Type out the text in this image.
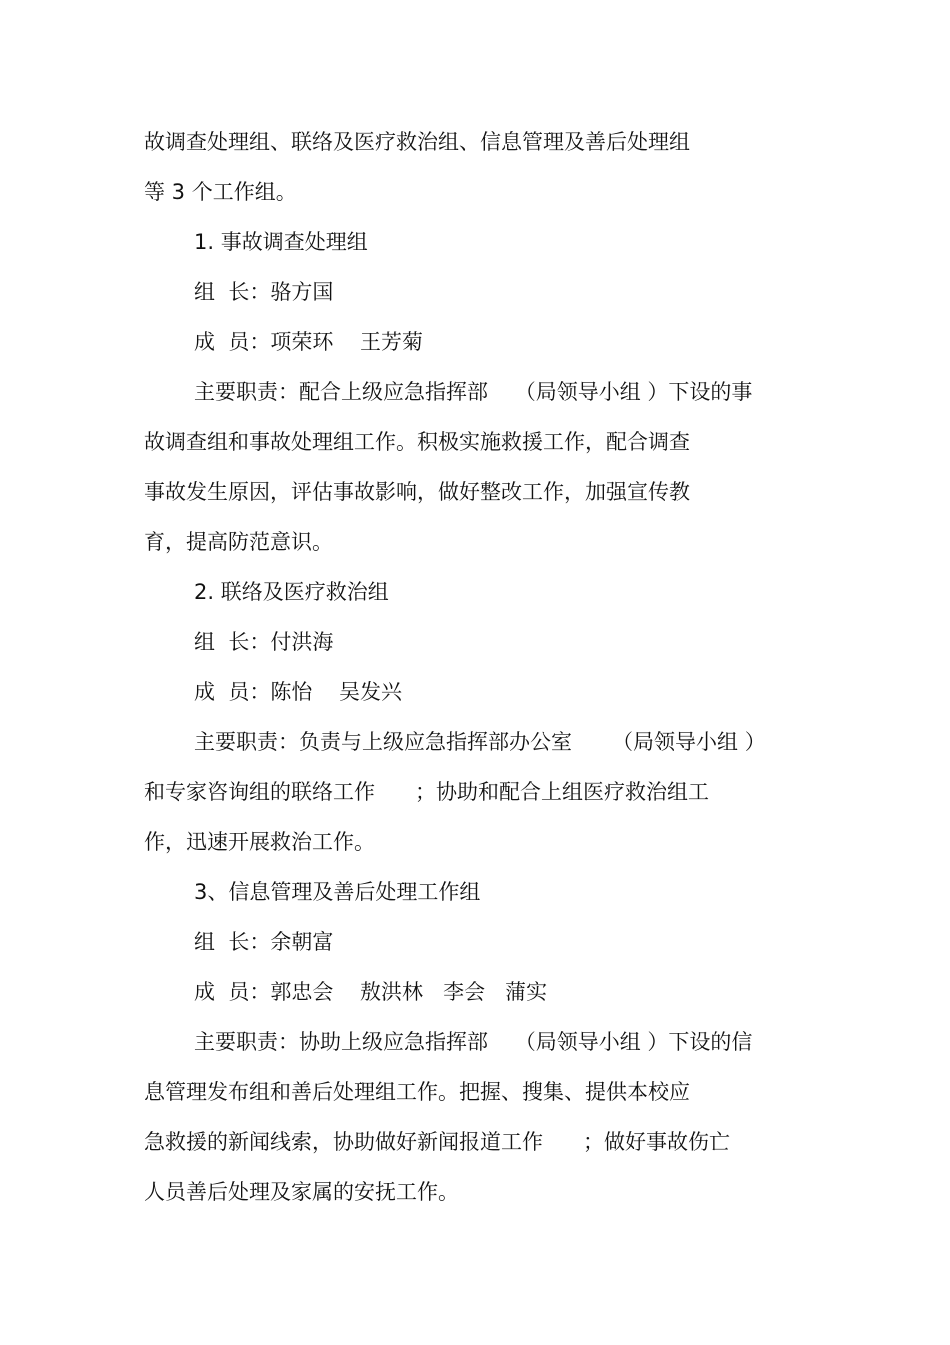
故调查处理组、联络及医疗救治组、信息管理及善后处理组
等 3 个工作组。
1. 事故调查处理组
组  长：骆方国
成  员：项荣环    王芳菊
主要职责：配合上级应急指挥部    （局领导小组 ）下设的事
故调查组和事故处理组工作。积极实施救援工作，配合调查
事故发生原因，评估事故影响，做好整改工作，加强宣传教
育，提高防范意识。
2. 联络及医疗救治组
组  长：付洪海
成  员：陈怡    吴发兴
主要职责：负责与上级应急指挥部办公室      （局领导小组 ）
和专家咨询组的联络工作      ；协助和配合上组医疗救治组工
作，迅速开展救治工作。
3、信息管理及善后处理工作组
组  长：余朝富
成  员：郭忠会    敖洪林   李会   蒲实
主要职责：协助上级应急指挥部    （局领导小组 ）下设的信
息管理发布组和善后处理组工作。把握、搜集、提供本校应
急救援的新闻线索，协助做好新闻报道工作      ；做好事故伤亡
人员善后处理及家属的安抚工作。
